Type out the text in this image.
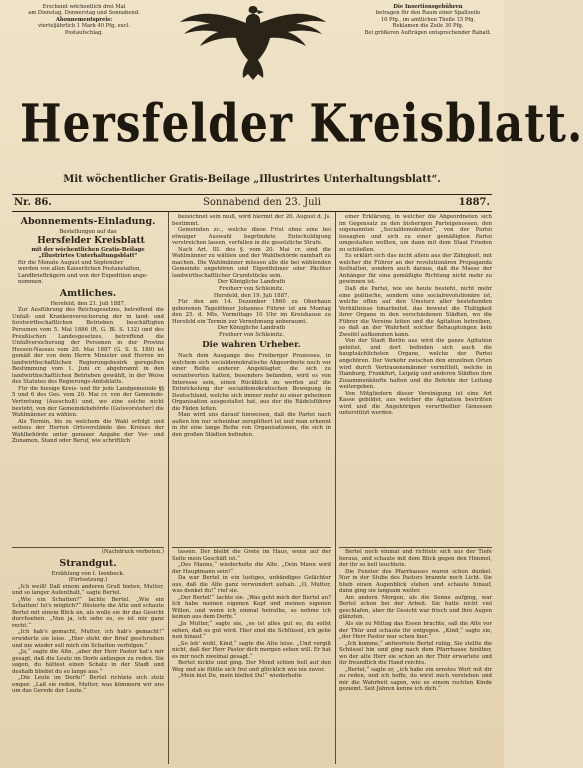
Erscheint wöchentlich drei Mal
am Dienstag, Donnerstag und Sonnabend.
Abonnementspreis:
vierteljährlich 1 Mark 40 Pfg. excl.
Postaufschlag.
Die Insertionsgebühren
betragen für den Raum einer Spaltzeile
10 Pfg., im amtlichen Theile 15 Pfg.
Reklamen die Zeile 30 Pfg.
Bei größeren Aufträgen entsprechender Rabatt.
Hersfelder Kreisblatt.
Mit wöchentlicher Gratis-Beilage „Illustrirtes Unterhaltungsblatt“.
Nr. 86.	Sonnabend den 23. Juli	1887.
Abonnements-Einladung.

Bestellungen auf das

Hersfelder Kreisblatt

mit der wöchentlichen Gratis-Beilage

„Illustrirtes Unterhaltungsblatt“

für die Monate August und September

werden von allen Kaiserlichen Postanstalten,

Landbriefträgern und von der Expedition ange-

nommen.

Amtliches.

Hersfeld, den 21. Juli 1887.

Zur Ausführung des Reichsgesetzes, betreffend die Unfall- und Krankenversicherung der in land- und forstwirthschaftlichen Betrieben beschäftigten Personen vom 5. Mai 1886 (R. G. Bl. S. 132) und des Preußischen Landesgesetzes, betreffend die Unfallversicherung der Personen in der Provinz Hessen-Nassau vom 20. Mai 1887 (G. S. S. 189) ist gemäß der von dem Herrn Minister und Herren im landwirthschaftlichen Regierungsbezirk geregelten Bestimmung vom 1. Juni cr. abgebrannt in den landwirthschaftlichen Betrieben gewählt, in der Weise des Statutes des Regierungs-Amtsblatts.

Für die hiesige Kreis- und für jede Landgemeinde §§ 5 und 6 des Ges. vom 20. Mai cr. von der Gemeinde-Vertretung (Ausschuß) und, wo eine solche nicht besteht, von der Gemeindebehörde (Gutsvorsteher) die Wahlmänner zu wählen.

Als Termin, bis zu welchem die Wahl erfolgt und seitens der Herren Ortsvorstände des Kreises der Wahlbehörde unter genauer Angabe der Vor- und Zunamen, Stand oder Beruf, wie schriftlich

(Nachdruck verboten.)

Strandgut.

Erzählung von I. Isenbeck.

(Fortsetzung.)

„Ich weiß! Daß einem anderen Gruß bieten, Mutter, und so langer Aufenthalt,“ sagte Bertel.

„Wie ein Schatten?“ lachte Bertel. „Wie ein Schatten! Ist's möglich?“ flüsterte die Alte und schaute Bertel mit einem Blick an, als wolle sie ihr das Gesicht durchsehen. „Nun ja, ich sehe es, es ist mir ganz recht.“

„Ich hab's gemacht, Mutter, ich hab's gemacht!“ erwiderte sie leise. „Hier steht der Brief geschrieben und nie wieder soll mich ein Schatten verfolgen.“

„Ja,“ sagte die Alte, „aber der Herr Pastor hat's mir gesagt, daß die Leute im Dorfe anfangen zu reden. Sie sagen, du hättest einen Schatz in der Stadt und deshalb bliebst du so lange aus.“

„Die Leute im Dorfe!“ Bertel richtete sich stolz empor. „Laß sie reden, Mutter, was kümmern wir uns um das Gerede der Leute.“

bezeichnet sein muß, wird hiermit der 20. August d. Js. bestimmt.

Gemeinden zc., welche diese Frist ohne eine bei etwaiger Auswahl begründete Entschuldigung verstreichen lassen, verfallen in die gesetzliche Strafe.

Nach Art. III. des §. vom 20. Mai cr. sind die Wahlmänner zu wählen und der Wahlbehörde namhaft zu machen. Die Wahlmänner müssen alle die bei wählenden Gemeinde angehören und Eigenthümer oder Pächter landwirthschaftlicher Grundstücke sein.

Der Königliche Landrath

Freiherr von Schleinitz.

Hersfeld, den 19. Juli 1887.

Für den am 14. Dezember 1860 zu Oberhaun geborenen Tagelöhner Johannes Führer ist am Montag den 25. d. Mts. Vormittags 10 Uhr im Kreishause zu Hersfeld ein Termin zur Vernehmung anberaumt.

Der Königliche Landrath

Freiherr von Schleinitz.

Die wahren Urheber.

Nach dem Ausgange des Freiberger Prozesses, in welchem sich socialdemokratische Abgeordnete noch vor einer Reihe anderer Angeklagter, die sich zu verantworten hatten, besonders befanden, wird es von Interesse sein, einen Rückblick zu werfen auf die Entwickelung der socialdemokratischen Bewegung in Deutschland, welche sich immer mehr zu einer geheimen Organisation ausgestaltet hat, aus der die Rädelsführer die Fäden leiten.

Man wird uns darauf hinweisen, daß die Partei nach außen hin nur scheinbar zersplittert ist und man erkennt in ihr eine lange Reihe von Organisationen, die sich in den großen Städten befinden.

lassen. Der bleibt die Grete im Haus, wenn auf der Seite mein Geschäft ist.“

„Des Manns,“ wiederholte die Alte. „Dein Mann wird der Hauptmann sein!“

Da war Bertel in ein lustiges, unbändiges Gelächter aus, daß die Alte ganz verwundert aufsah. „O, Mutter, was denkst du!“ rief sie.

„Der Bertel!“ lachte sie. „Was geht mich der Bertel an? Ich habe meinen eigenen Kopf und meinen eigenen Willen, und wenn ich einmal heirathe, so nehme ich keinen aus dem Dorfe.“

„Ja Mutter,“ sagte sie, „es ist alles gut so, du sollst sehen, daß es gut wird. Hier sind die Schlüssel, ich gehe nun hinauf.“

„So leb' wohl, Kind,“ sagte die Alte leise. „Und vergiß nicht, daß der Herr Pastor dich morgen sehen will. Er hat es mir noch zweimal gesagt.“

Bertel nickte und ging. Der Mond schien hell auf den Weg und sie fühlte sich frei und glücklich wie nie zuvor.

„Mein bist Du, mein bleibst Du!“ wiederholte

einer Erklärung, in welcher die Abgeordneten sich im Gegensatz zu den bisherigen Parteigenossen, den sogenannten „Socialdemokraten“, von der Partei lossagten und sich zu einer gemäßigten Partei umgestalten wollten, um dann mit dem Staat Frieden zu schließen.

Es erklärt sich das nicht allein aus der Zähigkeit, mit welcher die Führer an der revolutionären Propaganda festhalten, sondern auch daraus, daß die Masse der Anhänger für eine gemäßigte Richtung nicht mehr zu gewinnen ist.

Daß die Partei, wie sie heute besteht, nicht mehr eine politische, sondern eine socialrevolutionäre ist, welche offen auf den Umsturz aller bestehenden Verhältnisse hinarbeitet, das beweist die Thätigkeit ihrer Organe in den verschiedenen Städten, wo die Führer die Vereine leiten und die Agitation betreiben, so daß an der Wahrheit solcher Behauptungen kein Zweifel aufkommen kann.

Von der Stadt Berlin aus wird die ganze Agitation geleitet, und dort befinden sich auch die hauptsächlichsten Organe, welche der Partei angehören. Der Verkehr zwischen den einzelnen Orten wird durch Vertrauensmänner vermittelt, welche in Hamburg, Frankfurt, Leipzig und anderen Städten ihre Zusammenkünfte halten und die Befehle der Leitung weitergeben.

Von Mitgliedern dieser Vereinigung ist eine Art Kasse gebildet, aus welcher die Agitation bestritten wird und die Angehörigen verurtheilter Genossen unterstützt werden.

Bertel noch einmal und richtete sich aus der Tiefe heraus, und schaute mit dem Blick gegen den Himmel, der ihr so hell leuchtete.

Die Fenster des Pfarrhauses waren schon dunkel. Nur in der Stube des Pastors brannte noch Licht. Sie blieb einen Augenblick stehen und schaute hinauf, dann ging sie langsam weiter.

Am andern Morgen, als die Sonne aufging, war Bertel schon bei der Arbeit. Sie hatte nicht viel geschlafen, aber ihr Gesicht war frisch und ihre Augen glänzten.

Als sie zu Mittag das Essen brachte, saß die Alte vor der Thür und schaute ihr entgegen. „Kind,“ sagte sie, „der Herr Pastor war schon hier.“

„Ich komme,“ antwortete Bertel ruhig. Sie stellte die Schüssel hin und ging nach dem Pfarrhause hinüber, wo der alte Herr sie schon an der Thür erwartete und ihr freundlich die Hand reichte.

„Bertel,“ sagte er, „ich habe ein ernstes Wort mit dir zu reden, und ich hoffe, du wirst mich verstehen und mir die Wahrheit sagen, wie es einem rechten Kinde geziemt. Seit Jahren kenne ich dich.“
